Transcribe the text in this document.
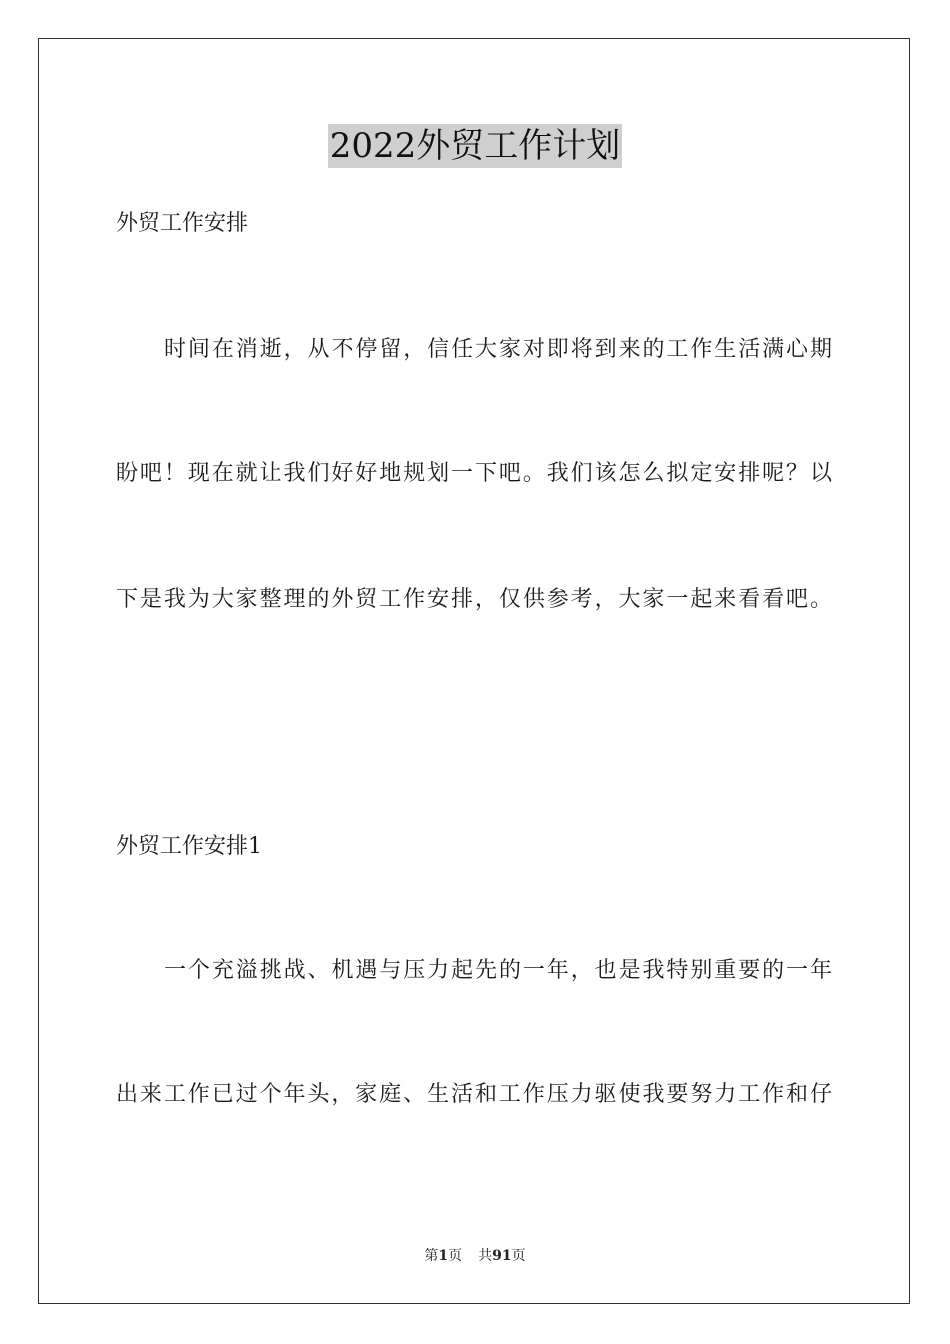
2022外贸工作计划
外贸工作安排
时间在消逝，从不停留，信任大家对即将到来的工作生活满心期
盼吧！现在就让我们好好地规划一下吧。我们该怎么拟定安排呢？以
下是我为大家整理的外贸工作安排，仅供参考，大家一起来看看吧。
外贸工作安排1
一个充溢挑战、机遇与压力起先的一年，也是我特别重要的一年
出来工作已过个年头，家庭、生活和工作压力驱使我要努力工作和仔
第1页 共91页
